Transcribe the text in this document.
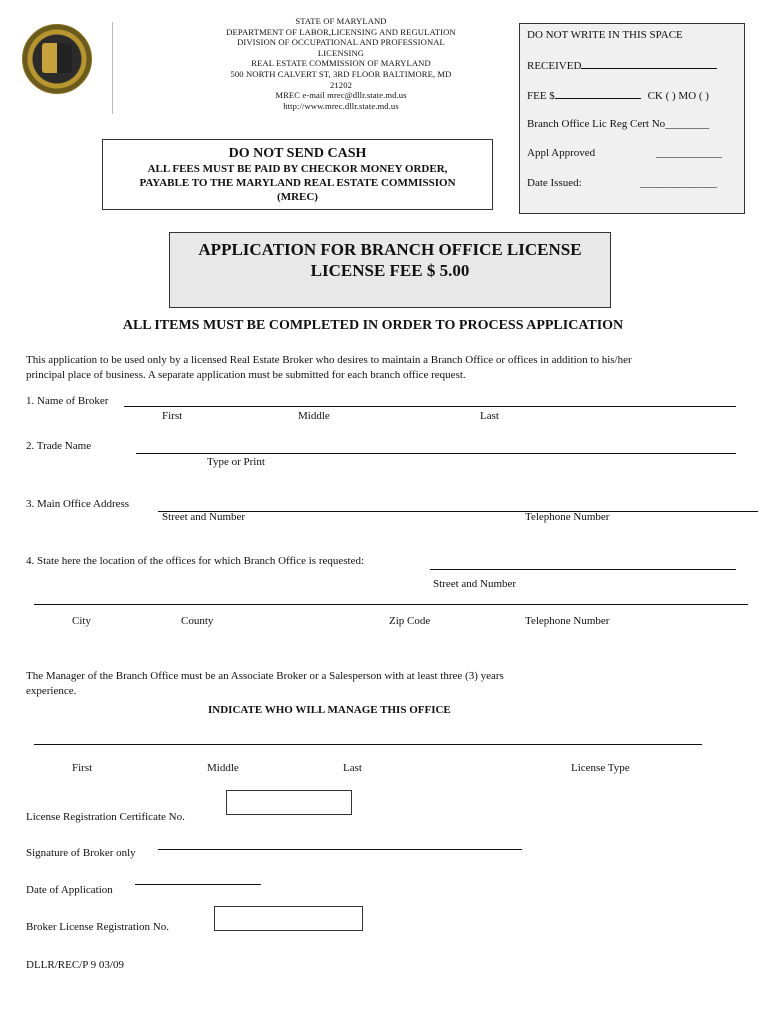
STATE OF MARYLAND
DEPARTMENT OF LABOR,LICENSING AND REGULATION
DIVISION OF OCCUPATIONAL AND PROFESSIONAL
LICENSING
REAL ESTATE COMMISSION OF MARYLAND
500 NORTH CALVERT ST, 3RD FLOOR BALTIMORE, MD
21202
MREC e-mail mrec@dllr.state.md.us
http://www.mrec.dllr.state.md.us
DO NOT WRITE IN THIS SPACE
RECEIVED
FEE $	CK ( ) MO ( )
Branch Office Lic Reg Cert No________
Appl Approved	____________
Date Issued:	______________
DO NOT SEND CASH
ALL FEES MUST BE PAID BY CHECKOR MONEY ORDER,
PAYABLE TO THE MARYLAND REAL ESTATE COMMISSION
(MREC)
APPLICATION FOR BRANCH OFFICE LICENSE
LICENSE FEE $ 5.00
ALL ITEMS MUST BE COMPLETED IN ORDER TO PROCESS APPLICATION
This application to be used only by a licensed Real Estate Broker who desires to maintain a Branch Office or offices in addition to his/her
principal place of business. A separate application must be submitted for each branch office request.
1. Name of Broker
First	Middle	Last
2. Trade Name
Type or Print
3. Main Office Address
Street and Number	Telephone Number
4. State here the location of the offices for which Branch Office is requested:
Street and Number
City	County	Zip Code	Telephone Number
The Manager of the Branch Office must be an Associate Broker or a Salesperson with at least three (3) years
experience.
INDICATE WHO WILL MANAGE THIS OFFICE
First	Middle	Last	License Type
License Registration Certificate No.
Signature of Broker only
Date of Application
Broker License Registration No.
DLLR/REC/P 9 03/09
